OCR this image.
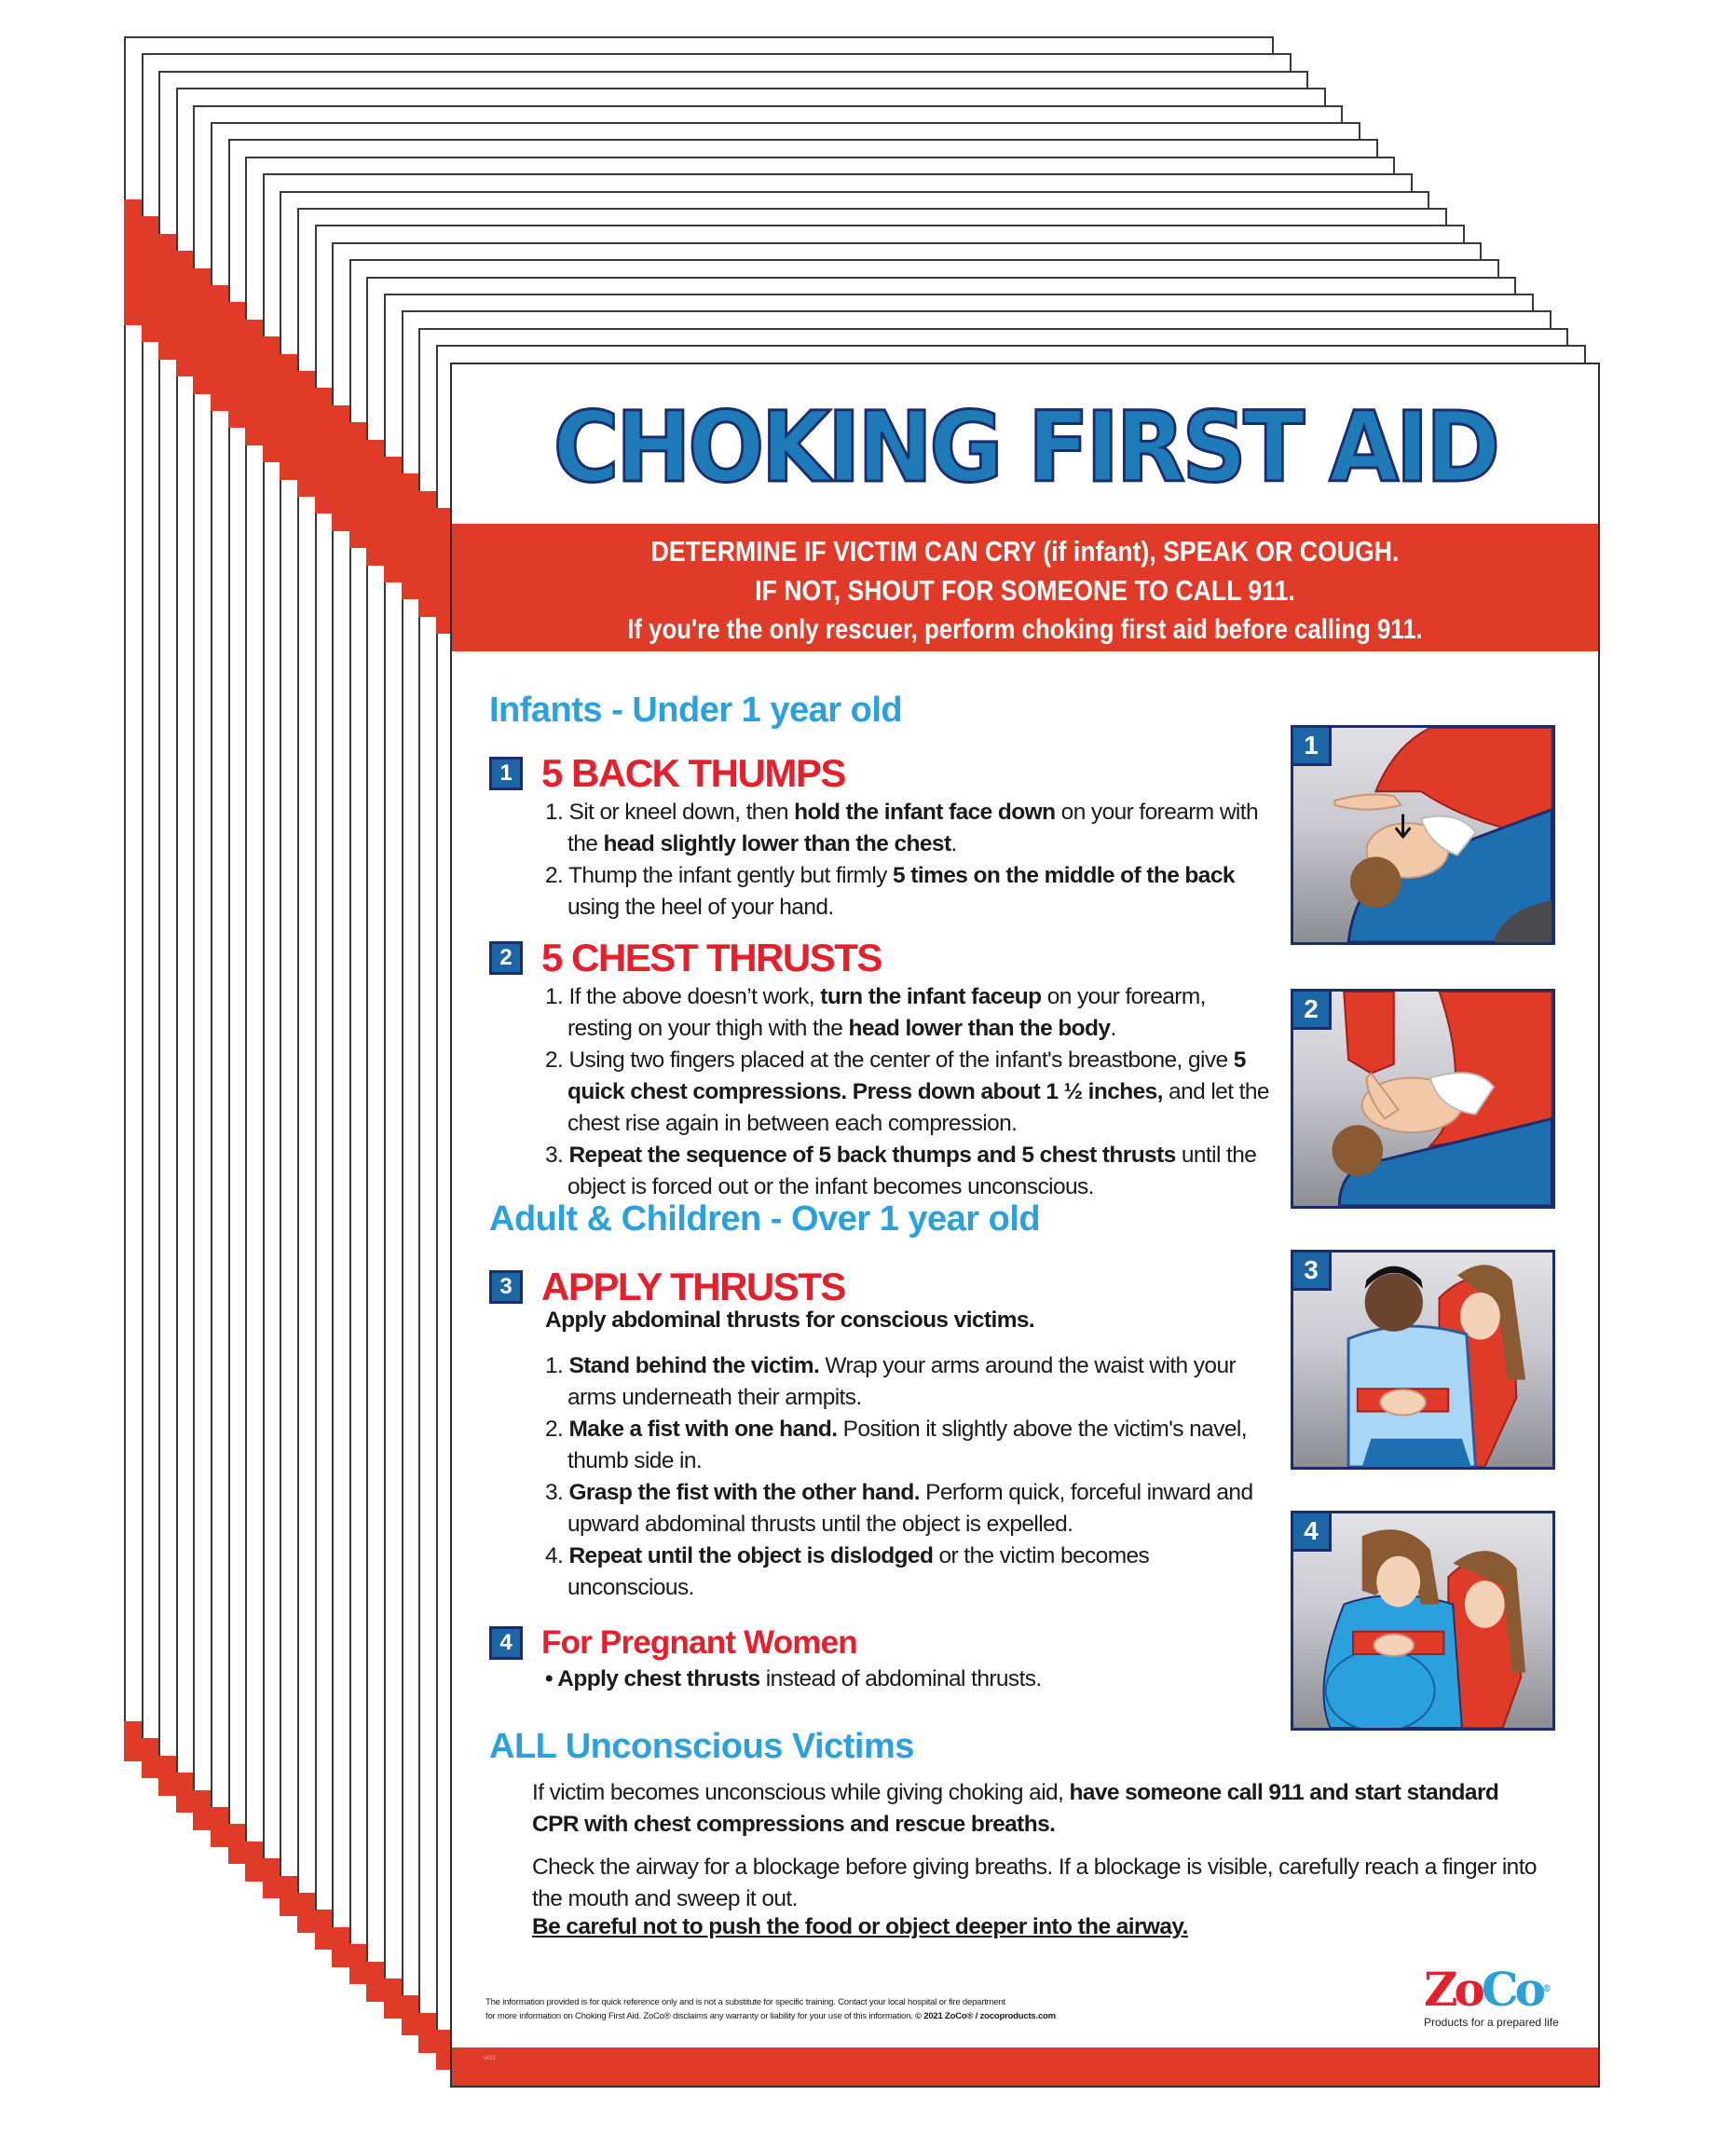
CHOKING FIRST AID
DETERMINE IF VICTIM CAN CRY (if infant), SPEAK OR COUGH.
IF NOT, SHOUT FOR SOMEONE TO CALL 911.
If you're the only rescuer, perform choking first aid before calling 911.
Infants - Under 1 year old
1 5 BACK THUMPS
1. Sit or kneel down, then hold the infant face down on your forearm with the head slightly lower than the chest.
2. Thump the infant gently but firmly 5 times on the middle of the back using the heel of your hand.
2 5 CHEST THRUSTS
1. If the above doesn’t work, turn the infant faceup on your forearm, resting on your thigh with the head lower than the body.
2. Using two fingers placed at the center of the infant's breastbone, give 5 quick chest compressions. Press down about 1 ½ inches, and let the chest rise again in between each compression.
3. Repeat the sequence of 5 back thumps and 5 chest thrusts until the object is forced out or the infant becomes unconscious.
Adult & Children - Over 1 year old
3 APPLY THRUSTS
Apply abdominal thrusts for conscious victims.
1. Stand behind the victim. Wrap your arms around the waist with your arms underneath their armpits.
2. Make a fist with one hand. Position it slightly above the victim's navel, thumb side in.
3. Grasp the fist with the other hand. Perform quick, forceful inward and upward abdominal thrusts until the object is expelled.
4. Repeat until the object is dislodged or the victim becomes unconscious.
4 For Pregnant Women
• Apply chest thrusts instead of abdominal thrusts.
ALL Unconscious Victims
If victim becomes unconscious while giving choking aid, have someone call 911 and start standard CPR with chest compressions and rescue breaths.
Check the airway for a blockage before giving breaths. If a blockage is visible, carefully reach a finger into the mouth and sweep it out.
Be careful not to push the food or object deeper into the airway.
1
2
3
4
The information provided is for quick reference only and is not a substitute for specific training. Contact your local hospital or fire department
for more information on Choking First Aid. ZoCo® disclaims any warranty or liability for your use of this information. © 2021 ZoCo® / zocoproducts.com	ZoCo®
Products for a prepared life
v021
